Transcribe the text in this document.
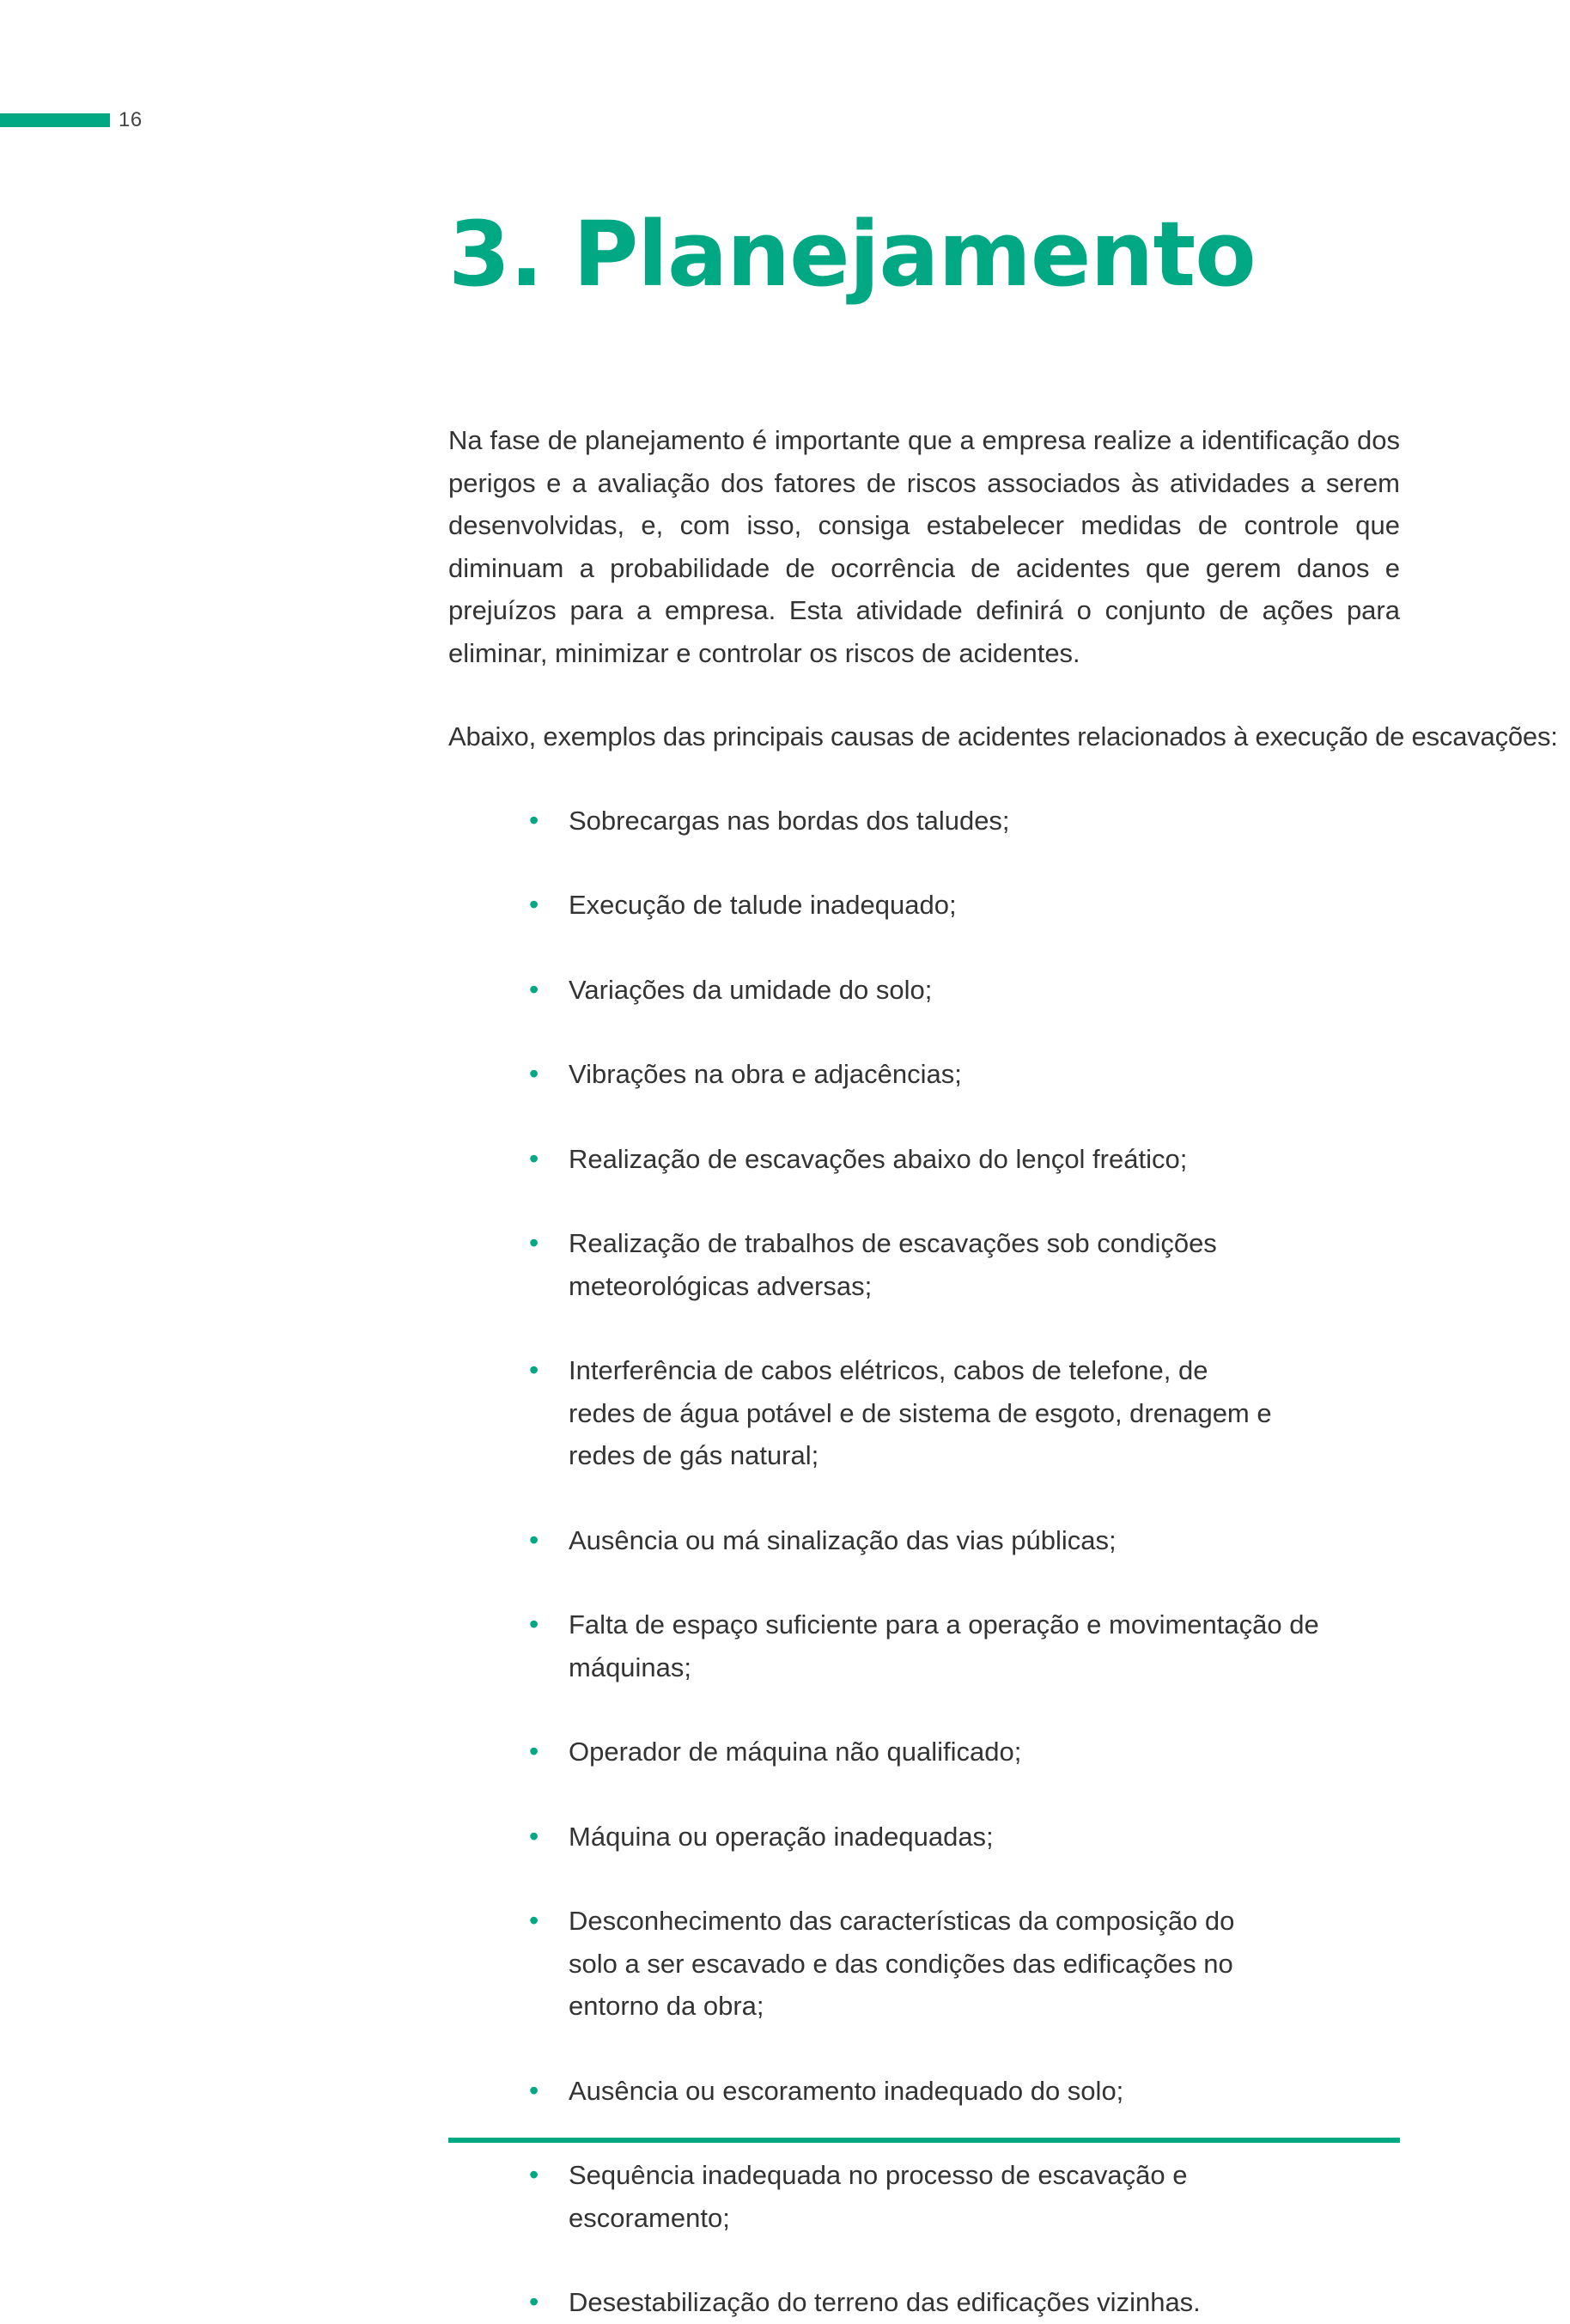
16
3. Planejamento

Na fase de planejamento é importante que a empresa realize a identificação dos perigos e a avaliação dos fatores de riscos associados às atividades a serem desenvolvidas, e, com isso, consiga estabelecer medidas de controle que diminuam a probabilidade de ocorrência de acidentes que gerem danos e prejuízos para a empresa. Esta atividade definirá o conjunto de ações para eliminar, minimizar e controlar os riscos de acidentes.

Abaixo, exemplos das principais causas de acidentes relacionados à execução de escavações:

• Sobrecargas nas bordas dos taludes;
• Execução de talude inadequado;
• Variações da umidade do solo;
• Vibrações na obra e adjacências;
• Realização de escavações abaixo do lençol freático;
• Realização de trabalhos de escavações sob condições meteorológicas adversas;
• Interferência de cabos elétricos, cabos de telefone, de redes de água potável e de sistema de esgoto, drenagem e redes de gás natural;
• Ausência ou má sinalização das vias públicas;
• Falta de espaço suficiente para a operação e movimentação de máquinas;
• Operador de máquina não qualificado;
• Máquina ou operação inadequadas;
• Desconhecimento das características da composição do solo a ser escavado e das condições das edificações no entorno da obra;
• Ausência ou escoramento inadequado do solo;
• Sequência inadequada no processo de escavação e escoramento;
• Desestabilização do terreno das edificações vizinhas.
